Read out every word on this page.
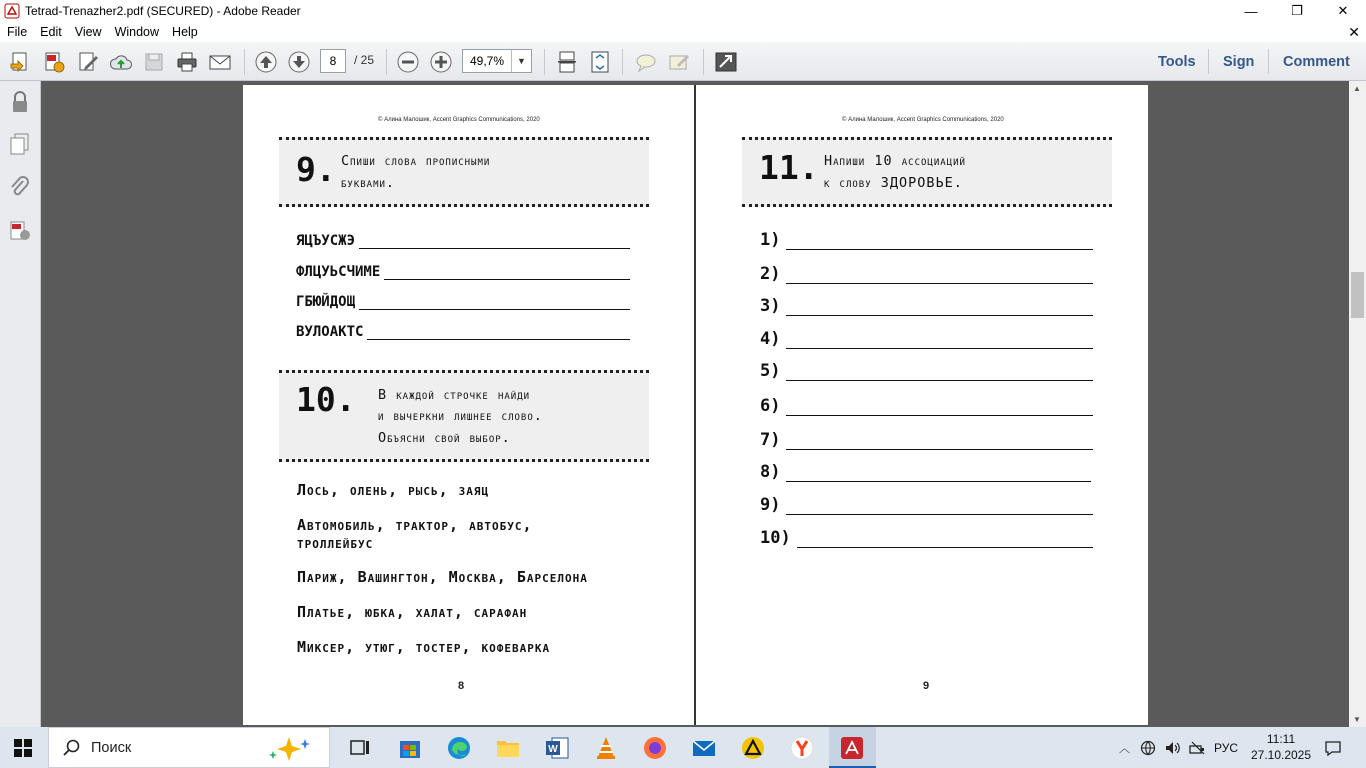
Tetrad-Trenazher2.pdf (SECURED) - Adobe Reader	—	❐	✕
File	Edit	View	Window	Help	✕
8	/ 25	49,7%	▼	Tools Sign Comment
© Алина Малошик, Accent Graphics Communications, 2020
9. Спиши слова прописными
буквами.
ЯЦЪУСЖЭ
ФЛЦУЬСЧИМЕ
ГБЮЙДОЩ
ВУЛОАКТС
10. В каждой строчке найди
и вычеркни лишнее слово.
Объясни свой выбор.
Лось, олень, рысь, заяц
Автомобиль, трактор, автобус,
троллейбус
Париж, Вашингтон, Москва, Барселона
Платье, юбка, халат, сарафан
Миксер, утюг, тостер, кофеварка
8
© Алина Малошик, Accent Graphics Communications, 2020
11. Напиши 10 ассоциаций
к слову ЗДОРОВЬЕ.
1)
2)
3)
4)
5)
6)
7)
8)
9)
10)
9
▲
▼
Поиск	W	︿	РУС
11:11
27.10.2025
